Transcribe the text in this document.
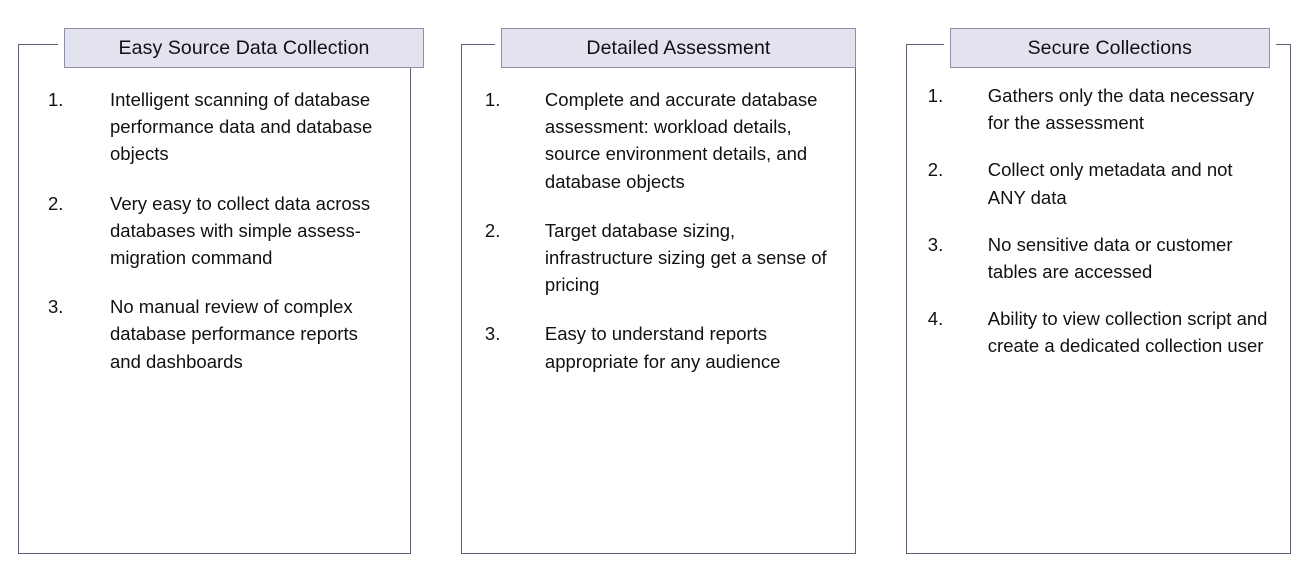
Easy Source Data Collection
1.	Intelligent scanning of database performance data and database objects
2.	Very easy to collect data across databases with simple assess-migration command
3.	No manual review of complex database performance reports and dashboards
Detailed Assessment
1.	Complete and accurate database assessment: workload details, source environment details, and database objects
2.	Target database sizing, infrastructure sizing get a sense of pricing
3.	Easy to understand reports appropriate for any audience
Secure Collections
1.	Gathers only the data necessary for the assessment
2.	Collect only metadata and not ANY data
3.	No sensitive data or customer tables are accessed
4.	Ability to view collection script and create a dedicated collection user
